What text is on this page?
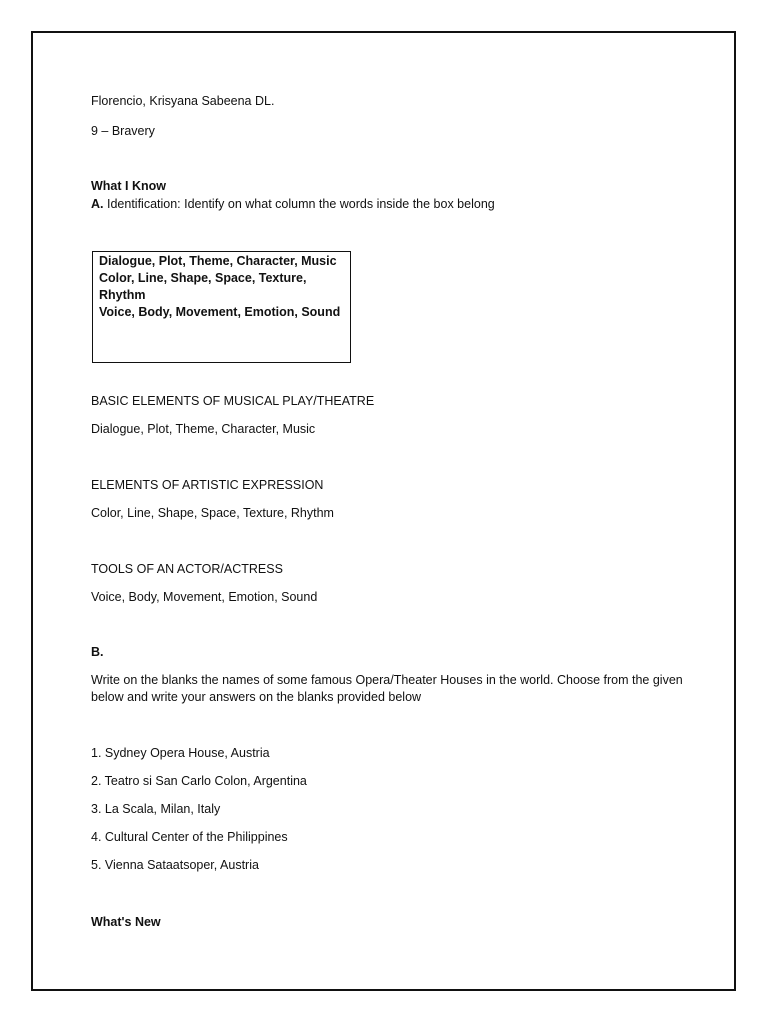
Florencio, Krisyana Sabeena DL.
9 – Bravery
What I Know
A. Identification: Identify on what column the words inside the box belong
Dialogue, Plot, Theme, Character, Music
Color, Line, Shape, Space, Texture, Rhythm
Voice, Body, Movement, Emotion, Sound
BASIC ELEMENTS OF MUSICAL PLAY/THEATRE
Dialogue, Plot, Theme, Character, Music
ELEMENTS OF ARTISTIC EXPRESSION
Color, Line, Shape, Space, Texture, Rhythm
TOOLS OF AN ACTOR/ACTRESS
Voice, Body, Movement, Emotion, Sound
B.
Write on the blanks the names of some famous Opera/Theater Houses in the world. Choose from the given below and write your answers on the blanks provided below
1. Sydney Opera House, Austria
2. Teatro si San Carlo Colon, Argentina
3. La Scala, Milan, Italy
4. Cultural Center of the Philippines
5. Vienna Sataatsoper, Austria
What's New
